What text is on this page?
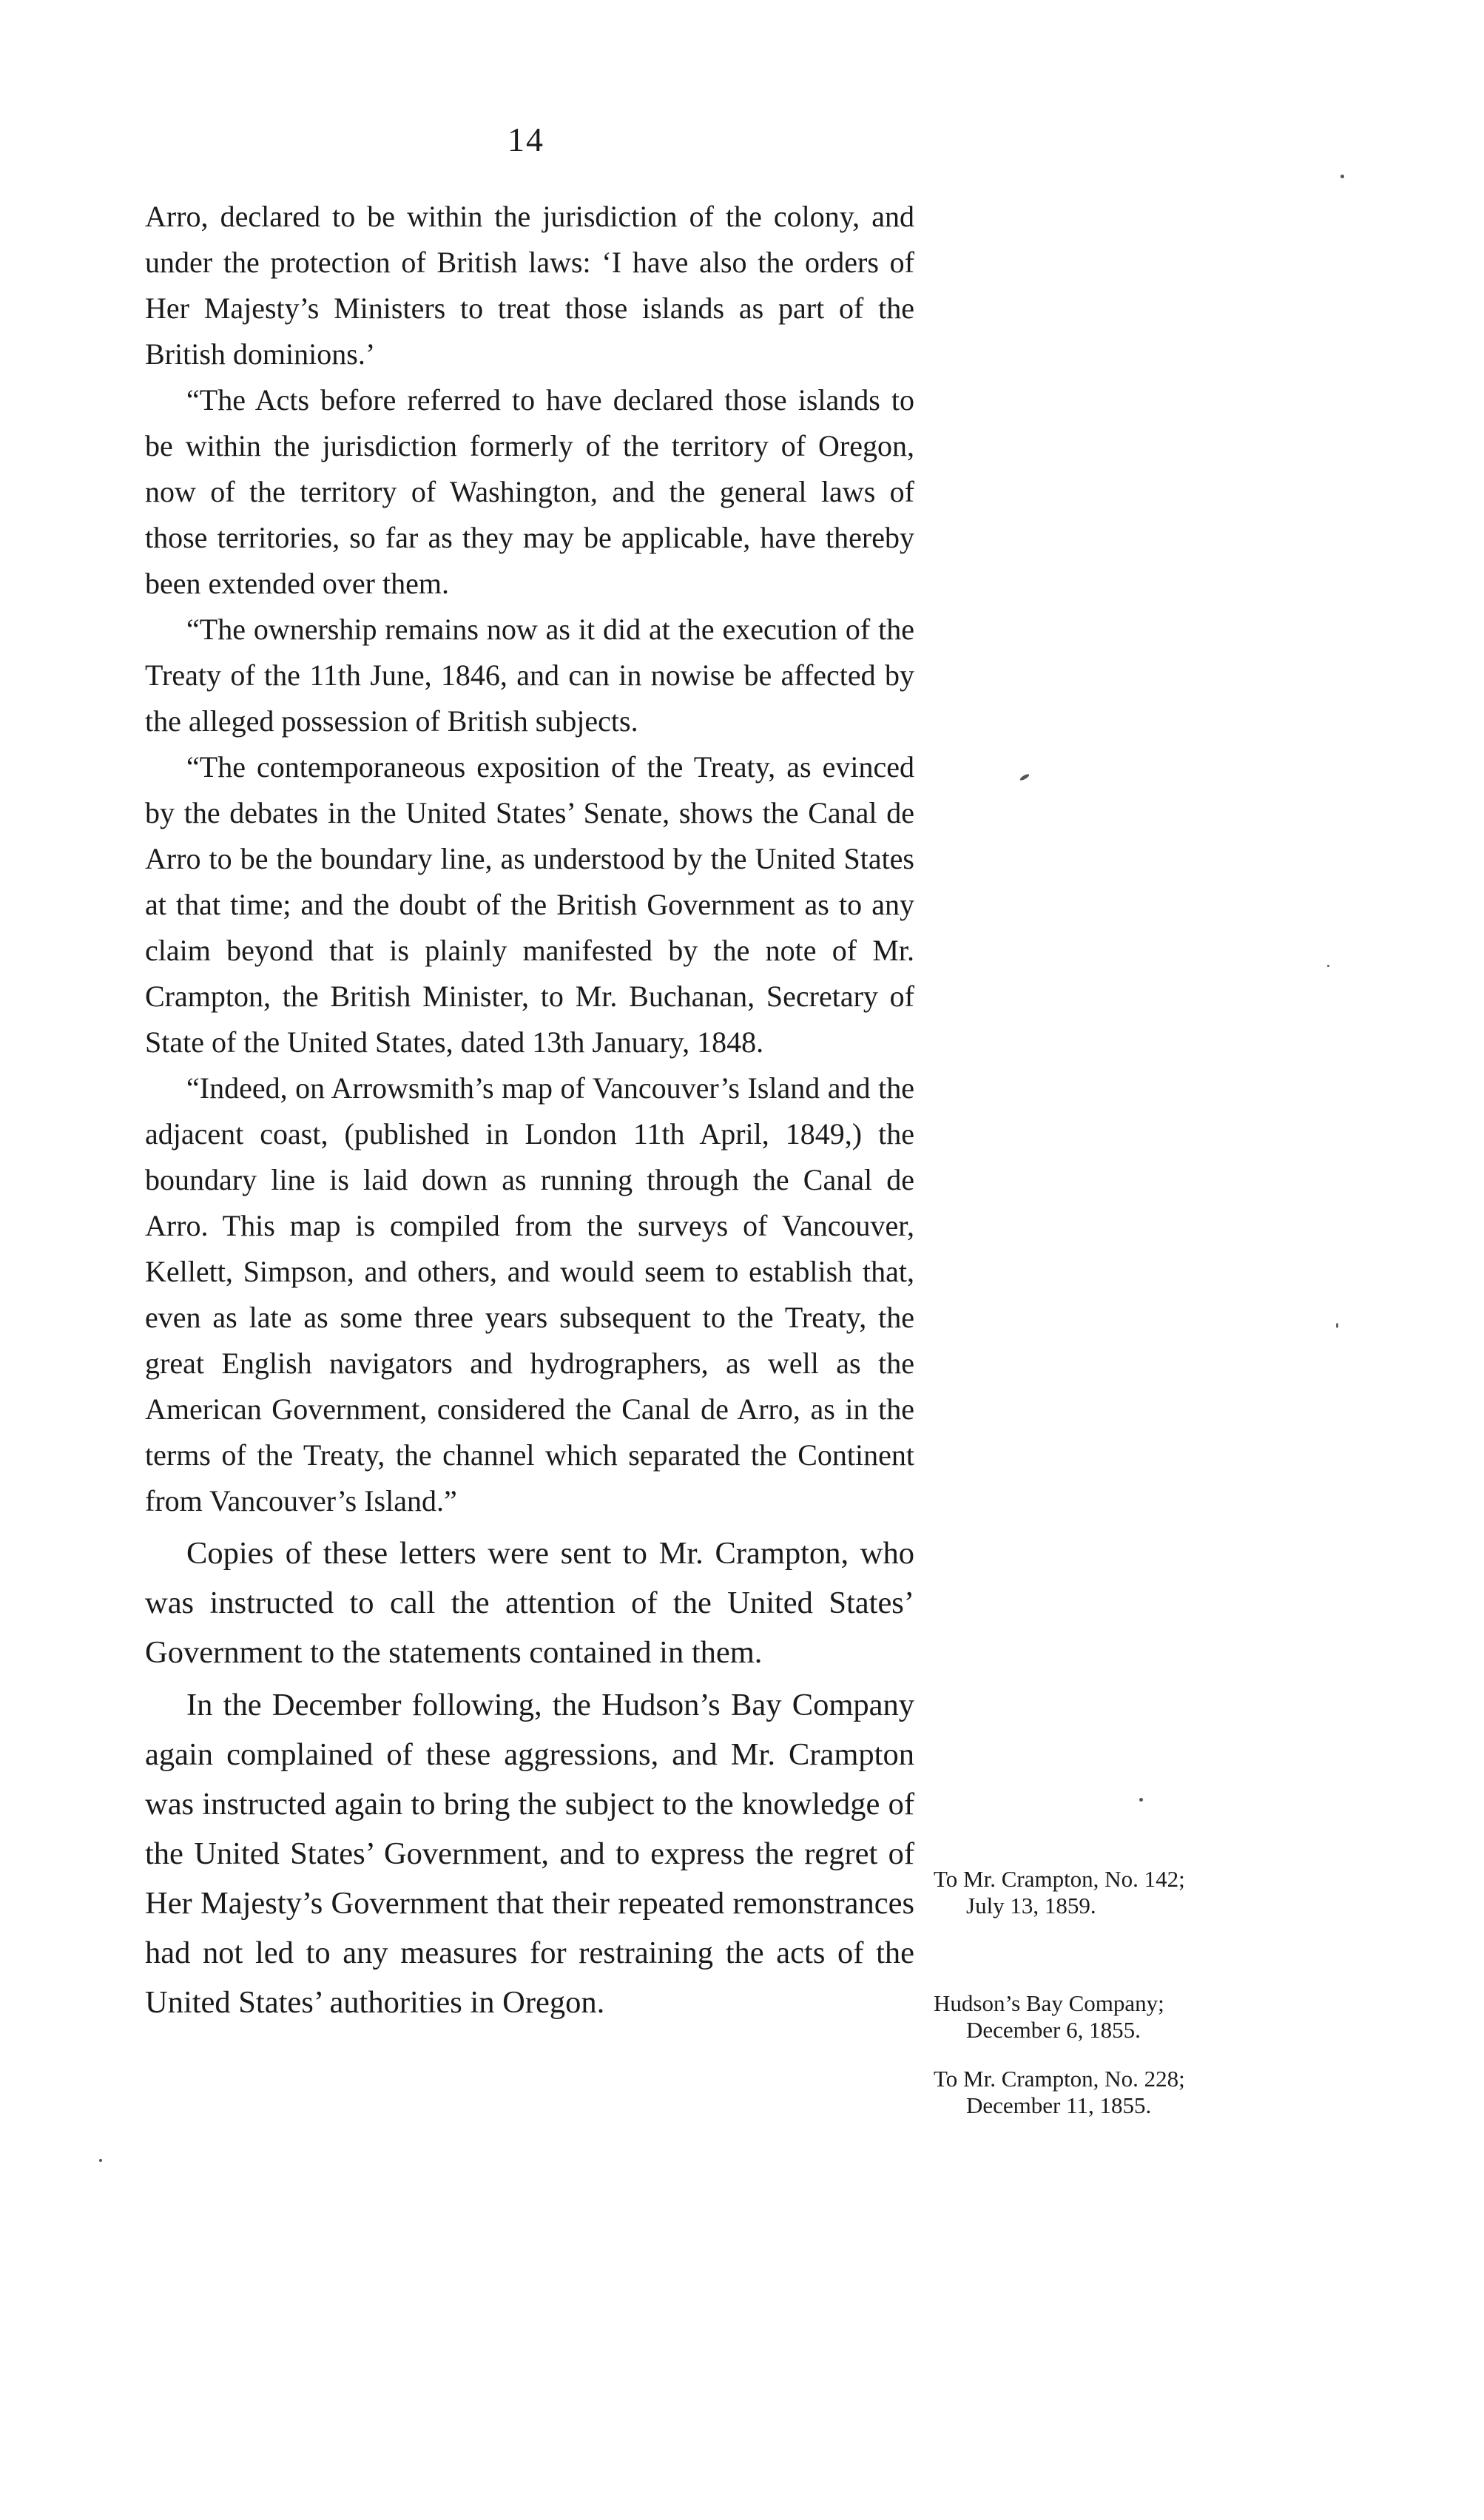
14

Arro, declared to be within the jurisdiction of the colony, and under the protection of British laws: ‘I have also the orders of Her Majesty’s Ministers to treat those islands as part of the British dominions.’

“The Acts before referred to have declared those islands to be within the jurisdiction formerly of the territory of Oregon, now of the territory of Washington, and the general laws of those territories, so far as they may be applicable, have thereby been extended over them.

“The ownership remains now as it did at the execution of the Treaty of the 11th June, 1846, and can in nowise be affected by the alleged possession of British subjects.

“The contemporaneous exposition of the Treaty, as evinced by the debates in the United States’ Senate, shows the Canal de Arro to be the boundary line, as understood by the United States at that time; and the doubt of the British Government as to any claim beyond that is plainly manifested by the note of Mr. Crampton, the British Minister, to Mr. Buchanan, Secretary of State of the United States, dated 13th January, 1848.

“Indeed, on Arrowsmith’s map of Vancouver’s Island and the adjacent coast, (published in London 11th April, 1849,) the boundary line is laid down as running through the Canal de Arro. This map is compiled from the surveys of Vancouver, Kellett, Simpson, and others, and would seem to establish that, even as late as some three years subsequent to the Treaty, the great English navigators and hydrographers, as well as the American Government, considered the Canal de Arro, as in the terms of the Treaty, the channel which separated the Continent from Vancouver’s Island.”

Copies of these letters were sent to Mr. Crampton, who was instructed to call the attention of the United States’ Government to the statements contained in them.

In the December following, the Hudson’s Bay Company again complained of these aggressions, and Mr. Crampton was instructed again to bring the subject to the knowledge of the United States’ Government, and to express the regret of Her Majesty’s Government that their repeated remonstrances had not led to any measures for restraining the acts of the United States’ authorities in Oregon.

To Mr. Crampton, No. 142;
July 13, 1859.
Hudson’s Bay Company;
December 6, 1855.
To Mr. Crampton, No. 228;
December 11, 1855.
